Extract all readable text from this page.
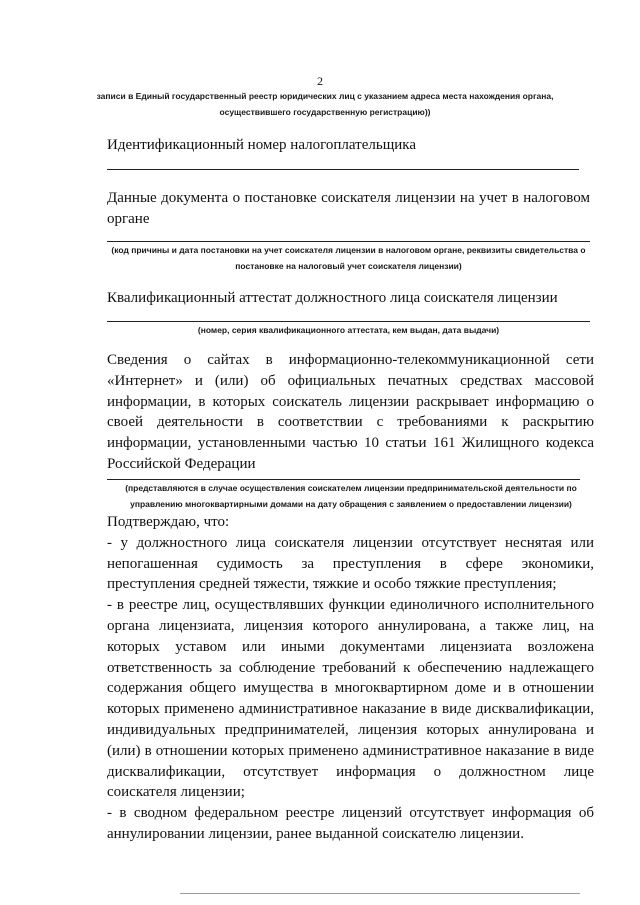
2
записи в Единый государственный реестр юридических лиц с указанием адреса места нахождения органа, осуществившего государственную регистрацию))
Идентификационный номер налогоплательщика
Данные документа о постановке соискателя лицензии на учет в налоговом органе
(код причины и дата постановки на учет соискателя лицензии в налоговом органе, реквизиты свидетельства о постановке на налоговый учет соискателя лицензии)
Квалификационный аттестат должностного лица соискателя лицензии
(номер, серия квалификационного аттестата, кем выдан, дата выдачи)
Сведения о сайтах в информационно-телекоммуникационной сети «Интернет» и (или) об официальных печатных средствах массовой информации, в которых соискатель лицензии раскрывает информацию о своей деятельности в соответствии с требованиями к раскрытию информации, установленными частью 10 статьи 161 Жилищного кодекса Российской Федерации
(представляются в случае осуществления соискателем лицензии предпринимательской деятельности по управлению многоквартирными домами на дату обращения с заявлением о предоставлении лицензии)

Подтверждаю, что:

- у должностного лица соискателя лицензии отсутствует неснятая или непогашенная судимость за преступления в сфере экономики, преступления средней тяжести, тяжкие и особо тяжкие преступления;

- в реестре лиц, осуществлявших функции единоличного исполнительного органа лицензиата, лицензия которого аннулирована, а также лиц, на которых уставом или иными документами лицензиата возложена ответственность за соблюдение требований к обеспечению надлежащего содержания общего имущества в многоквартирном доме и в отношении которых применено административное наказание в виде дисквалификации, индивидуальных предпринимателей, лицензия которых аннулирована и (или) в отношении которых применено административное наказание в виде дисквалификации, отсутствует информация о должностном лице соискателя лицензии;

- в сводном федеральном реестре лицензий отсутствует информация об аннулировании лицензии, ранее выданной соискателю лицензии.
